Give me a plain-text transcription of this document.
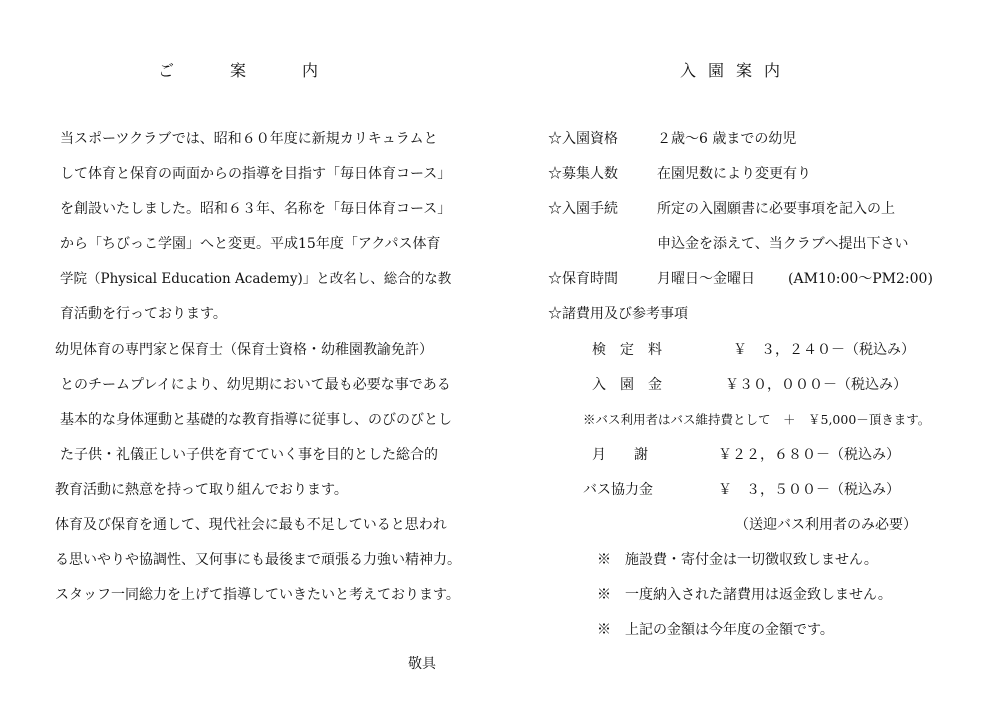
ご　案　内
当スポーツクラブでは、昭和６０年度に新規カリキュラムと
して体育と保育の両面からの指導を目指す「毎日体育コース」
を創設いたしました。昭和６３年、名称を「毎日体育コース」
から「ちびっこ学園」へと変更。平成15年度「アクパス体育
学院（Physical Education Academy)」と改名し、総合的な教
育活動を行っております。
幼児体育の専門家と保育士（保育士資格・幼稚園教諭免許）
とのチームプレイにより、幼児期において最も必要な事である
基本的な身体運動と基礎的な教育指導に従事し、のびのびとし
た子供・礼儀正しい子供を育てていく事を目的とした総合的
教育活動に熱意を持って取り組んでおります。
体育及び保育を通して、現代社会に最も不足していると思われ
る思いやりや協調性、又何事にも最後まで頑張る力強い精神力。
スタッフ一同総力を上げて指導していきたいと考えております。
敬具
入園案内
☆入園資格	２歳〜6 歳までの幼児
☆募集人数	在園児数により変更有り
☆入園手続	所定の入園願書に必要事項を記入の上
申込金を添えて、当クラブへ提出下さい
☆保育時間	月曜日〜金曜日 (AM10:00〜PM2:00)
☆諸費用及び参考事項
検　定　料	￥　３，２４０－（税込み）
入　園　金	￥３０，０００－（税込み）
※バス利用者はバス維持費として　＋　￥5,000－頂きます。
月　　謝	￥２２，６８０－（税込み）
バス協力金	￥　３，５００－（税込み）
（送迎バス利用者のみ必要）
※　施設費・寄付金は一切徴収致しません。
※　一度納入された諸費用は返金致しません。
※　上記の金額は今年度の金額です。
